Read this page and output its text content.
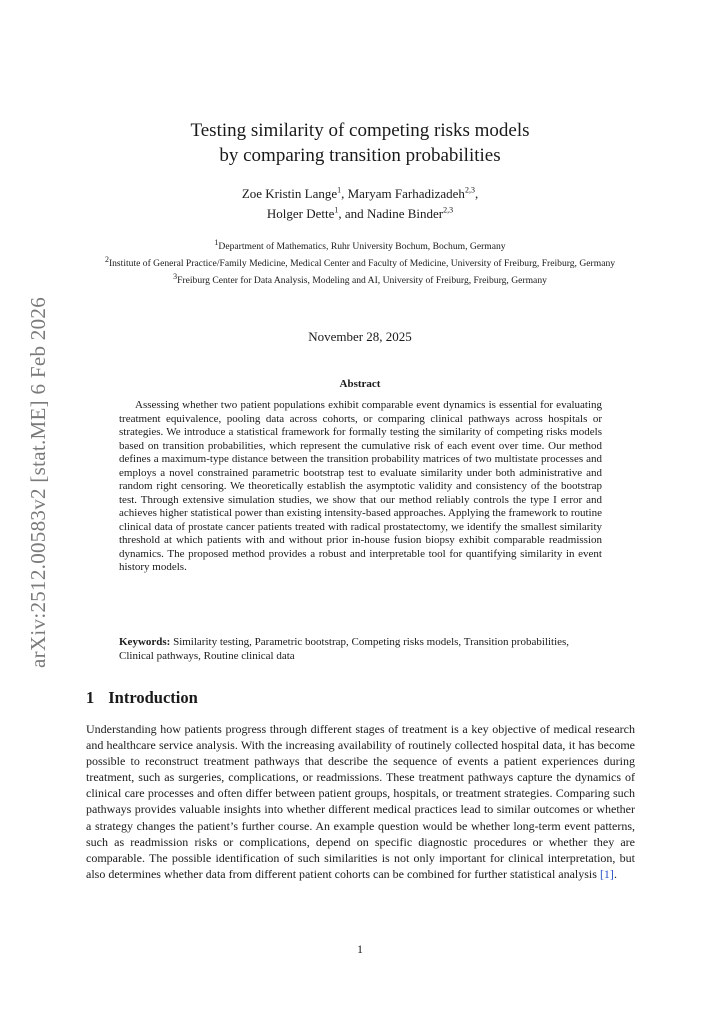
arXiv:2512.00583v2 [stat.ME] 6 Feb 2026
Testing similarity of competing risks models
by comparing transition probabilities
Zoe Kristin Lange$^1$, Maryam Farhadizadeh$^{2,3}$,
Holger Dette$^1$, and Nadine Binder$^{2,3}$
$^1$Department of Mathematics, Ruhr University Bochum, Bochum, Germany
$^2$Institute of General Practice/Family Medicine, Medical Center and Faculty of Medicine, University of Freiburg, Freiburg, Germany
$^3$Freiburg Center for Data Analysis, Modeling and AI, University of Freiburg, Freiburg, Germany
November 28, 2025
Abstract
Assessing whether two patient populations exhibit comparable event dynamics is essential for evaluating treatment equivalence, pooling data across cohorts, or comparing clinical pathways across hospitals or strategies. We introduce a statistical framework for formally testing the similarity of competing risks models based on transition probabilities, which represent the cumulative risk of each event over time. Our method defines a maximum-type distance between the transition probability matrices of two multistate processes and employs a novel constrained parametric bootstrap test to evaluate similarity under both administrative and random right censoring. We theoretically establish the asymptotic validity and consistency of the bootstrap test. Through extensive simulation studies, we show that our method reliably controls the type I error and achieves higher statistical power than existing intensity-based approaches. Applying the framework to routine clinical data of prostate cancer patients treated with radical prostatectomy, we identify the smallest similarity threshold at which patients with and without prior in-house fusion biopsy exhibit comparable readmission dynamics. The proposed method provides a robust and interpretable tool for quantifying similarity in event history models.
Keywords: Similarity testing, Parametric bootstrap, Competing risks models, Transition probabilities, Clinical pathways, Routine clinical data
1 Introduction
Understanding how patients progress through different stages of treatment is a key objective of medical research and healthcare service analysis. With the increasing availability of routinely collected hospital data, it has become possible to reconstruct treatment pathways that describe the sequence of events a patient experiences during treatment, such as surgeries, complications, or readmissions. These treatment pathways capture the dynamics of clinical care processes and often differ between patient groups, hospitals, or treatment strategies. Comparing such pathways provides valuable insights into whether different medical practices lead to similar outcomes or whether a strategy changes the patient’s further course. An example question would be whether long-term event patterns, such as readmission risks or complications, depend on specific diagnostic procedures or whether they are comparable. The possible identification of such similarities is not only important for clinical interpretation, but also determines whether data from different patient cohorts can be combined for further statistical analysis [1].
1
